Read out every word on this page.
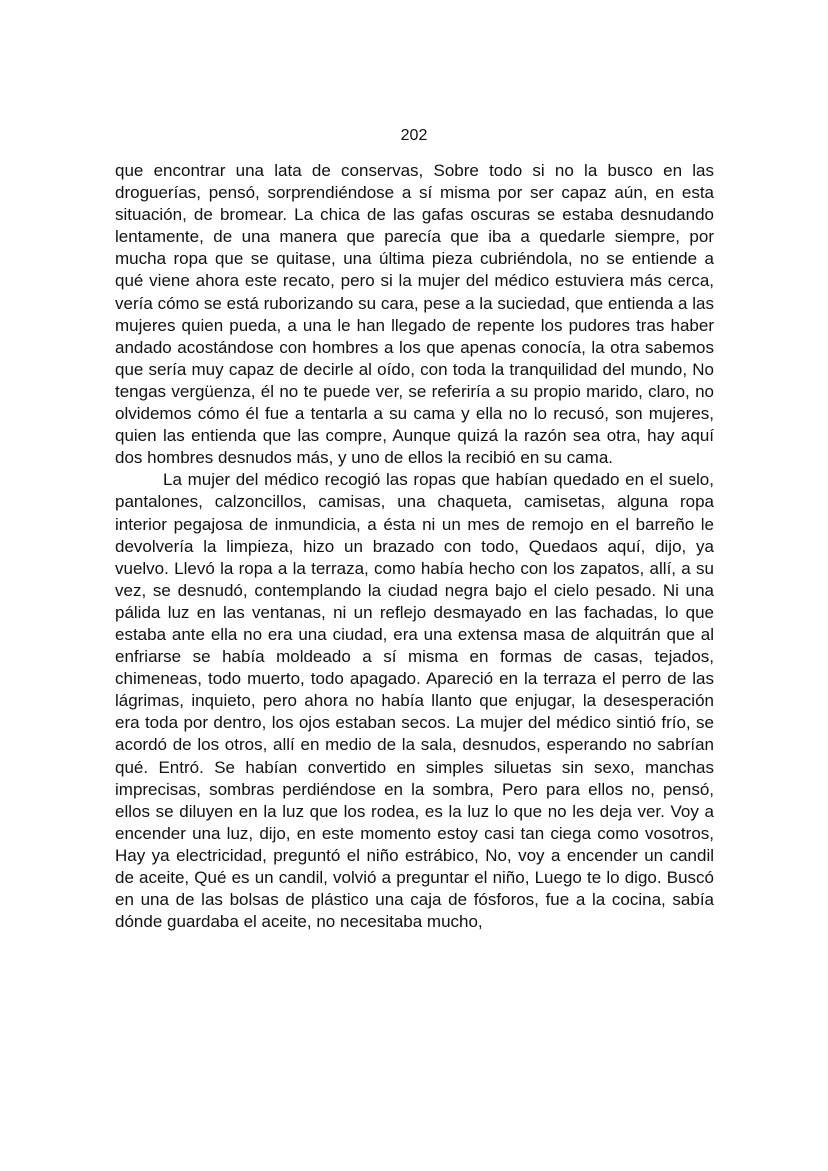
202

que encontrar una lata de conservas, Sobre todo si no la busco en las droguerías, pensó, sorprendiéndose a sí misma por ser capaz aún, en esta situación, de bromear. La chica de las gafas oscuras se estaba desnudando lentamente, de una manera que parecía que iba a quedarle siempre, por mucha ropa que se quitase, una última pieza cubriéndola, no se entiende a qué viene ahora este recato, pero si la mujer del médico estuviera más cerca, vería cómo se está ruborizando su cara, pese a la suciedad, que entienda a las mujeres quien pueda, a una le han llegado de repente los pudores tras haber andado acostándose con hombres a los que apenas conocía, la otra sabemos que sería muy capaz de decirle al oído, con toda la tranquilidad del mundo, No tengas vergüenza, él no te puede ver, se referiría a su propio marido, claro, no olvidemos cómo él fue a tentarla a su cama y ella no lo recusó, son mujeres, quien las entienda que las compre, Aunque quizá la razón sea otra, hay aquí dos hombres desnudos más, y uno de ellos la recibió en su cama.

La mujer del médico recogió las ropas que habían quedado en el suelo, pantalones, calzoncillos, camisas, una chaqueta, camisetas, alguna ropa interior pegajosa de inmundicia, a ésta ni un mes de remojo en el barreño le devolvería la limpieza, hizo un brazado con todo, Quedaos aquí, dijo, ya vuelvo. Llevó la ropa a la terraza, como había hecho con los zapatos, allí, a su vez, se desnudó, contemplando la ciudad negra bajo el cielo pesado. Ni una pálida luz en las ventanas, ni un reflejo desmayado en las fachadas, lo que estaba ante ella no era una ciudad, era una extensa masa de alquitrán que al enfriarse se había moldeado a sí misma en formas de casas, tejados, chimeneas, todo muerto, todo apagado. Apareció en la terraza el perro de las lágrimas, inquieto, pero ahora no había llanto que enjugar, la desesperación era toda por dentro, los ojos estaban secos. La mujer del médico sintió frío, se acordó de los otros, allí en medio de la sala, desnudos, esperando no sabrían qué. Entró. Se habían convertido en simples siluetas sin sexo, manchas imprecisas, sombras perdiéndose en la sombra, Pero para ellos no, pensó, ellos se diluyen en la luz que los rodea, es la luz lo que no les deja ver. Voy a encender una luz, dijo, en este momento estoy casi tan ciega como vosotros, Hay ya electricidad, preguntó el niño estrábico, No, voy a encender un candil de aceite, Qué es un candil, volvió a preguntar el niño, Luego te lo digo. Buscó en una de las bolsas de plástico una caja de fósforos, fue a la cocina, sabía dónde guardaba el aceite, no necesitaba mucho,
